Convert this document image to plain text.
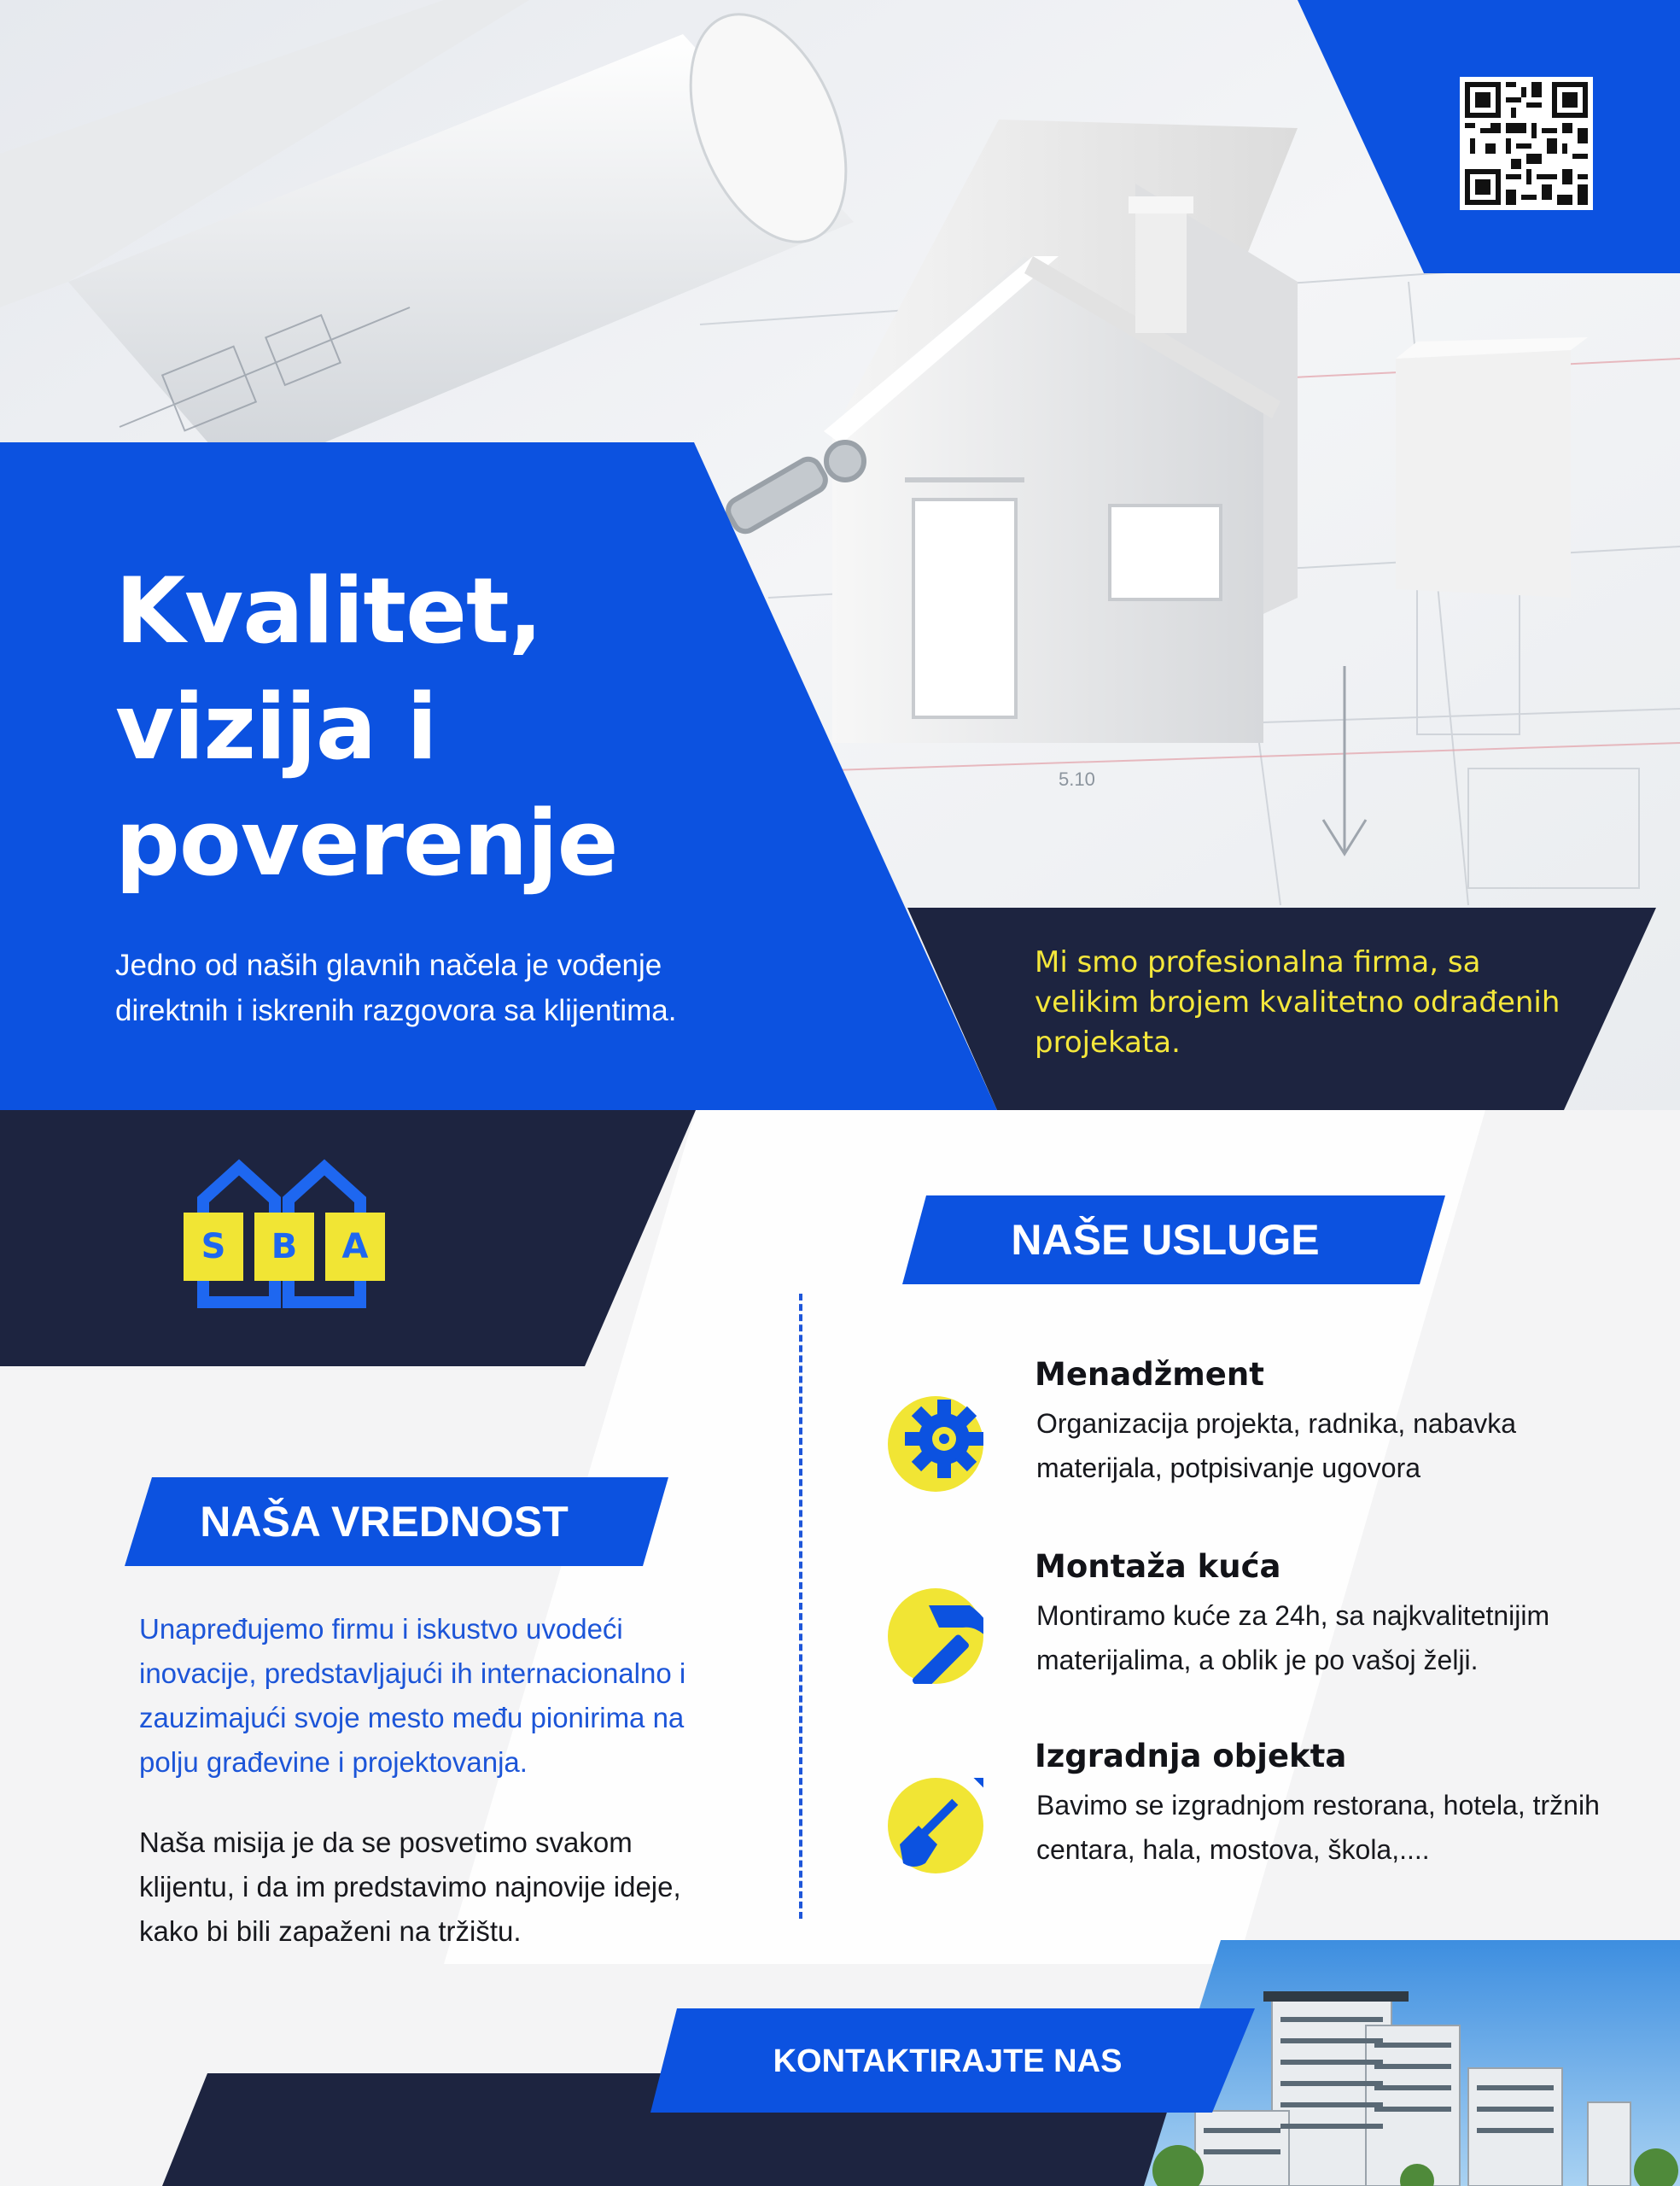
5.10
Kvalitet,
vizija i
poverenje
Jedno od naših glavnih načela je vođenje direktnih i iskrenih razgovora sa klijentima.
Mi smo profesionalna firma, sa velikim brojem kvalitetno odrađenih projekata.
S	B	A	NAŠE USLUGE
NAŠA VREDNOST
KONTAKTIRAJTE NAS
Unapređujemo firmu i iskustvo uvodeći inovacije, predstavljajući ih internacionalno i zauzimajući svoje mesto među pionirima na polju građevine i projektovanja.
Naša misija je da se posvetimo svakom klijentu, i da im predstavimo najnovije ideje, kako bi bili zapaženi na tržištu.
Menadžment

Organizacija projekta, radnika, nabavka materijala, potpisivanje ugovora

Montaža kuća

Montiramo kuće za 24h, sa najkvalitetnijim materijalima, a oblik je po vašoj želji.

Izgradnja objekta

Bavimo se izgradnjom restorana, hotela, tržnih centara, hala, mostova, škola,....
